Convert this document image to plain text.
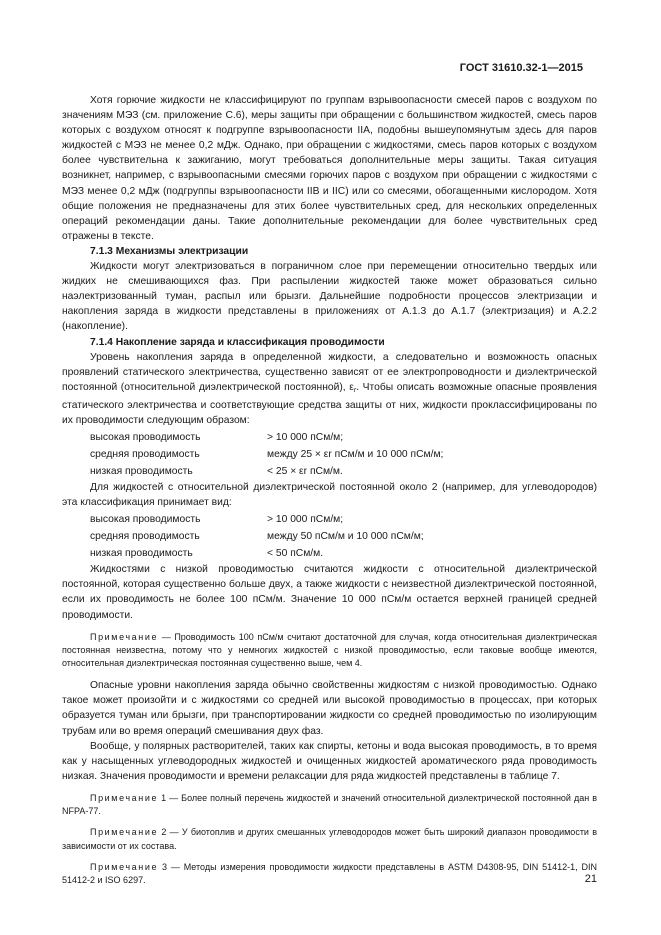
ГОСТ 31610.32-1—2015

Хотя горючие жидкости не классифицируют по группам взрывоопасности смесей паров с воздухом по значениям МЭЗ (см. приложение С.6), меры защиты при обращении с большинством жидкостей, смесь паров которых с воздухом относят к подгруппе взрывоопасности IIA, подобны вышеупомянутым здесь для паров жидкостей с МЭЗ не менее 0,2 мДж. Однако, при обращении с жидкостями, смесь паров которых с воздухом более чувствительна к зажиганию, могут требоваться дополнительные меры защиты. Такая ситуация возникнет, например, с взрывоопасными смесями горючих паров с воздухом при обращении с жидкостями с МЭЗ менее 0,2 мДж (подгруппы взрывоопасности IIB и IIC) или со смесями, обогащенными кислородом. Хотя общие положения не предназначены для этих более чувствительных сред, для нескольких определенных операций рекомендации даны. Такие дополнительные рекомендации для более чувствительных сред отражены в тексте.

7.1.3 Механизмы электризации

Жидкости могут электризоваться в пограничном слое при перемещении относительно твердых или жидких не смешивающихся фаз. При распылении жидкостей также может образоваться сильно наэлектризованный туман, распыл или брызги. Дальнейшие подробности процессов электризации и накопления заряда в жидкости представлены в приложениях от А.1.3 до А.1.7 (электризация) и А.2.2 (накопление).

7.1.4 Накопление заряда и классификация проводимости

Уровень накопления заряда в определенной жидкости, а следовательно и возможность опасных проявлений статического электричества, существенно зависят от ее электропроводности и диэлектрической постоянной (относительной диэлектрической постоянной), $\varepsilon_r$. Чтобы описать возможные опасные проявления статического электричества и соответствующие средства защиты от них, жидкости проклассифицированы по их проводимости следующим образом:

высокая проводимость	> 10 000 пСм/м;
средняя проводимость	между 25 × εr пСм/м и 10 000 пСм/м;
низкая проводимость	< 25 × εr пСм/м.

Для жидкостей с относительной диэлектрической постоянной около 2 (например, для углеводородов) эта классификация принимает вид:

высокая проводимость	> 10 000 пСм/м;
средняя проводимость	между 50 пСм/м и 10 000 пСм/м;
низкая проводимость	< 50 пСм/м.

Жидкостями с низкой проводимостью считаются жидкости с относительной диэлектрической постоянной, которая существенно больше двух, а также жидкости с неизвестной диэлектрической постоянной, если их проводимость не более 100 пСм/м. Значение 10 000 пСм/м остается верхней границей средней проводимости.

Примечание — Проводимость 100 пСм/м считают достаточной для случая, когда относительная диэлектрическая постоянная неизвестна, потому что у немногих жидкостей с низкой проводимостью, если таковые вообще имеются, относительная диэлектрическая постоянная существенно выше, чем 4.

Опасные уровни накопления заряда обычно свойственны жидкостям с низкой проводимостью. Однако такое может произойти и с жидкостями со средней или высокой проводимостью в процессах, при которых образуется туман или брызги, при транспортировании жидкости со средней проводимостью по изолирующим трубам или во время операций смешивания двух фаз.

Вообще, у полярных растворителей, таких как спирты, кетоны и вода высокая проводимость, в то время как у насыщенных углеводородных жидкостей и очищенных жидкостей ароматического ряда проводимость низкая. Значения проводимости и времени релаксации для ряда жидкостей представлены в таблице 7.

Примечание 1 — Более полный перечень жидкостей и значений относительной диэлектрической постоянной дан в NFPA-77.
Примечание 2 — У биотоплив и других смешанных углеводородов может быть широкий диапазон проводимости в зависимости от их состава.
Примечание 3 — Методы измерения проводимости жидкости представлены в ASTM D4308-95, DIN 51412-1, DIN 51412-2 и ISO 6297.	21
